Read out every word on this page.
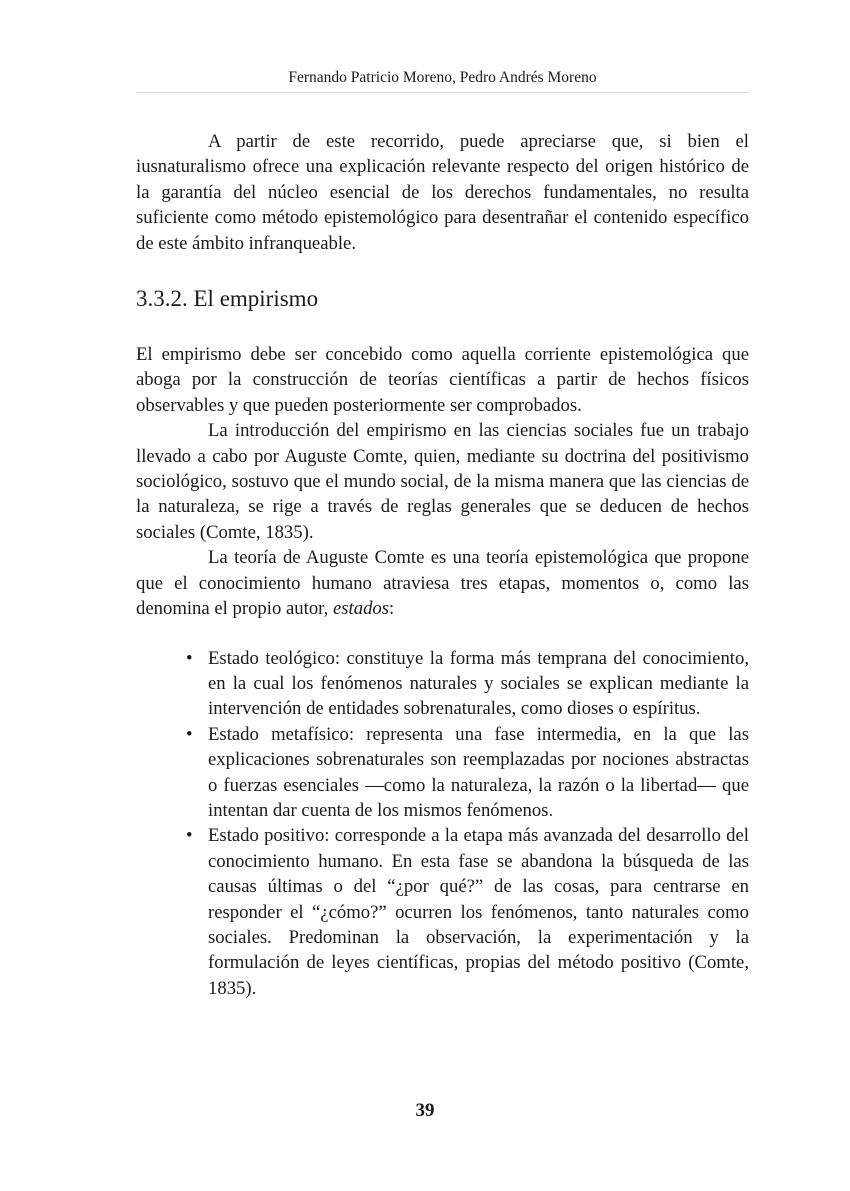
Fernando Patricio Moreno, Pedro Andrés Moreno

A partir de este recorrido, puede apreciarse que, si bien el iusnaturalismo ofrece una explicación relevante respecto del origen histórico de la garantía del núcleo esencial de los derechos fundamentales, no resulta suficiente como método epistemológico para desentrañar el contenido específico de este ámbito infranqueable.

3.3.2. El empirismo

El empirismo debe ser concebido como aquella corriente epistemológica que aboga por la construcción de teorías científicas a partir de hechos físicos observables y que pueden posteriormente ser comprobados.

La introducción del empirismo en las ciencias sociales fue un trabajo llevado a cabo por Auguste Comte, quien, mediante su doctrina del positivismo sociológico, sostuvo que el mundo social, de la misma manera que las ciencias de la naturaleza, se rige a través de reglas generales que se deducen de hechos sociales (Comte, 1835).

La teoría de Auguste Comte es una teoría epistemológica que propone que el conocimiento humano atraviesa tres etapas, momentos o, como las denomina el propio autor, estados:

• Estado teológico: constituye la forma más temprana del conocimiento, en la cual los fenómenos naturales y sociales se explican mediante la intervención de entidades sobrenaturales, como dioses o espíritus.
• Estado metafísico: representa una fase intermedia, en la que las explicaciones sobrenaturales son reemplazadas por nociones abstractas o fuerzas esenciales —como la naturaleza, la razón o la libertad— que intentan dar cuenta de los mismos fenómenos.
• Estado positivo: corresponde a la etapa más avanzada del desarrollo del conocimiento humano. En esta fase se abandona la búsqueda de las causas últimas o del “¿por qué?” de las cosas, para centrarse en responder el “¿cómo?” ocurren los fenómenos, tanto naturales como sociales. Predominan la observación, la experimentación y la formulación de leyes científicas, propias del método positivo (Comte, 1835).
39
